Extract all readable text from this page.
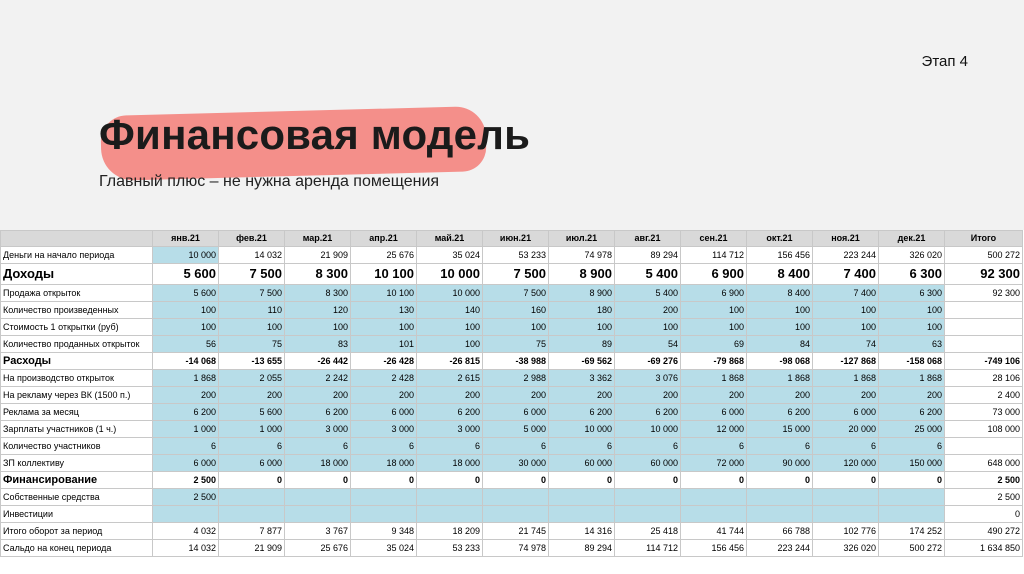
Этап 4
Финансовая модель
Главный плюс – не нужна аренда помещения
	янв.21	фев.21	мар.21	апр.21	май.21	июн.21	июл.21	авг.21	сен.21	окт.21	ноя.21	дек.21	Итого
Деньги на начало периода	10 000	14 032	21 909	25 676	35 024	53 233	74 978	89 294	114 712	156 456	223 244	326 020	500 272
Доходы	5 600	7 500	8 300	10 100	10 000	7 500	8 900	5 400	6 900	8 400	7 400	6 300	92 300
Продажа открыток	5 600	7 500	8 300	10 100	10 000	7 500	8 900	5 400	6 900	8 400	7 400	6 300	92 300
Количество произведенных	100	110	120	130	140	160	180	200	100	100	100	100	
Стоимость 1 открытки (руб)	100	100	100	100	100	100	100	100	100	100	100	100	
Количество проданных открыток	56	75	83	101	100	75	89	54	69	84	74	63	
Расходы	-14 068	-13 655	-26 442	-26 428	-26 815	-38 988	-69 562	-69 276	-79 868	-98 068	-127 868	-158 068	-749 106
На производство открыток	1 868	2 055	2 242	2 428	2 615	2 988	3 362	3 076	1 868	1 868	1 868	1 868	28 106
На рекламу через ВК (1500 п.)	200	200	200	200	200	200	200	200	200	200	200	200	2 400
Реклама за месяц	6 200	5 600	6 200	6 000	6 200	6 000	6 200	6 200	6 000	6 200	6 000	6 200	73 000
Зарплаты участников (1 ч.)	1 000	1 000	3 000	3 000	3 000	5 000	10 000	10 000	12 000	15 000	20 000	25 000	108 000
Количество участников	6	6	6	6	6	6	6	6	6	6	6	6	
ЗП коллективу	6 000	6 000	18 000	18 000	18 000	30 000	60 000	60 000	72 000	90 000	120 000	150 000	648 000
Финансирование	2 500	0	0	0	0	0	0	0	0	0	0	0	2 500
Собственные средства	2 500												2 500
Инвестиции													0
Итого оборот за период	4 032	7 877	3 767	9 348	18 209	21 745	14 316	25 418	41 744	66 788	102 776	174 252	490 272
Сальдо на конец периода	14 032	21 909	25 676	35 024	53 233	74 978	89 294	114 712	156 456	223 244	326 020	500 272	1 634 850
